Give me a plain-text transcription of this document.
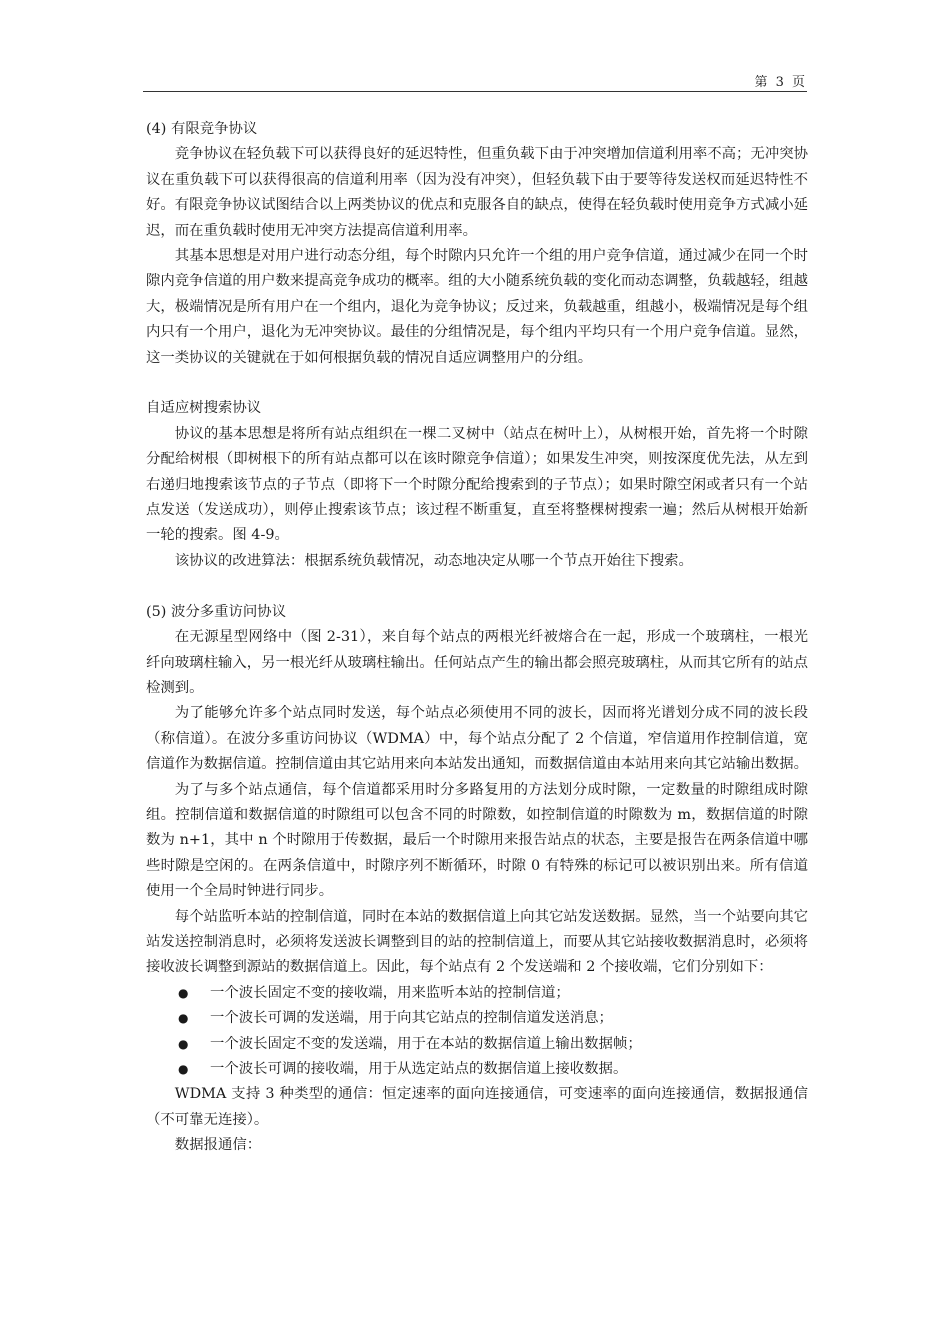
第 3 页

(4) 有限竞争协议

竞争协议在轻负载下可以获得良好的延迟特性，但重负载下由于冲突增加信道利用率不高；无冲突协议在重负载下可以获得很高的信道利用率（因为没有冲突），但轻负载下由于要等待发送权而延迟特性不好。有限竞争协议试图结合以上两类协议的优点和克服各自的缺点，使得在轻负载时使用竞争方式减小延迟，而在重负载时使用无冲突方法提高信道利用率。

其基本思想是对用户进行动态分组，每个时隙内只允许一个组的用户竞争信道，通过减少在同一个时隙内竞争信道的用户数来提高竞争成功的概率。组的大小随系统负载的变化而动态调整，负载越轻，组越大，极端情况是所有用户在一个组内，退化为竞争协议；反过来，负载越重，组越小，极端情况是每个组内只有一个用户，退化为无冲突协议。最佳的分组情况是，每个组内平均只有一个用户竞争信道。显然，这一类协议的关键就在于如何根据负载的情况自适应调整用户的分组。

自适应树搜索协议

协议的基本思想是将所有站点组织在一棵二叉树中（站点在树叶上），从树根开始，首先将一个时隙分配给树根（即树根下的所有站点都可以在该时隙竞争信道）；如果发生冲突，则按深度优先法，从左到右递归地搜索该节点的子节点（即将下一个时隙分配给搜索到的子节点）；如果时隙空闲或者只有一个站点发送（发送成功），则停止搜索该节点；该过程不断重复，直至将整棵树搜索一遍；然后从树根开始新一轮的搜索。图 4-9。

该协议的改进算法：根据系统负载情况，动态地决定从哪一个节点开始往下搜索。

(5) 波分多重访问协议

在无源星型网络中（图 2-31），来自每个站点的两根光纤被熔合在一起，形成一个玻璃柱，一根光纤向玻璃柱输入，另一根光纤从玻璃柱输出。任何站点产生的输出都会照亮玻璃柱，从而其它所有的站点检测到。

为了能够允许多个站点同时发送，每个站点必须使用不同的波长，因而将光谱划分成不同的波长段（称信道）。在波分多重访问协议（WDMA）中，每个站点分配了 2 个信道，窄信道用作控制信道，宽信道作为数据信道。控制信道由其它站用来向本站发出通知，而数据信道由本站用来向其它站输出数据。

为了与多个站点通信，每个信道都采用时分多路复用的方法划分成时隙，一定数量的时隙组成时隙组。控制信道和数据信道的时隙组可以包含不同的时隙数，如控制信道的时隙数为 m，数据信道的时隙数为 n+1，其中 n 个时隙用于传数据，最后一个时隙用来报告站点的状态，主要是报告在两条信道中哪些时隙是空闲的。在两条信道中，时隙序列不断循环，时隙 0 有特殊的标记可以被识别出来。所有信道使用一个全局时钟进行同步。

每个站监听本站的控制信道，同时在本站的数据信道上向其它站发送数据。显然，当一个站要向其它站发送控制消息时，必须将发送波长调整到目的站的控制信道上，而要从其它站接收数据消息时，必须将接收波长调整到源站的数据信道上。因此，每个站点有 2 个发送端和 2 个接收端，它们分别如下：

●	一个波长固定不变的接收端，用来监听本站的控制信道；
●	一个波长可调的发送端，用于向其它站点的控制信道发送消息；
●	一个波长固定不变的发送端，用于在本站的数据信道上输出数据帧；
●	一个波长可调的接收端，用于从选定站点的数据信道上接收数据。

WDMA 支持 3 种类型的通信：恒定速率的面向连接通信，可变速率的面向连接通信，数据报通信（不可靠无连接）。

数据报通信：
